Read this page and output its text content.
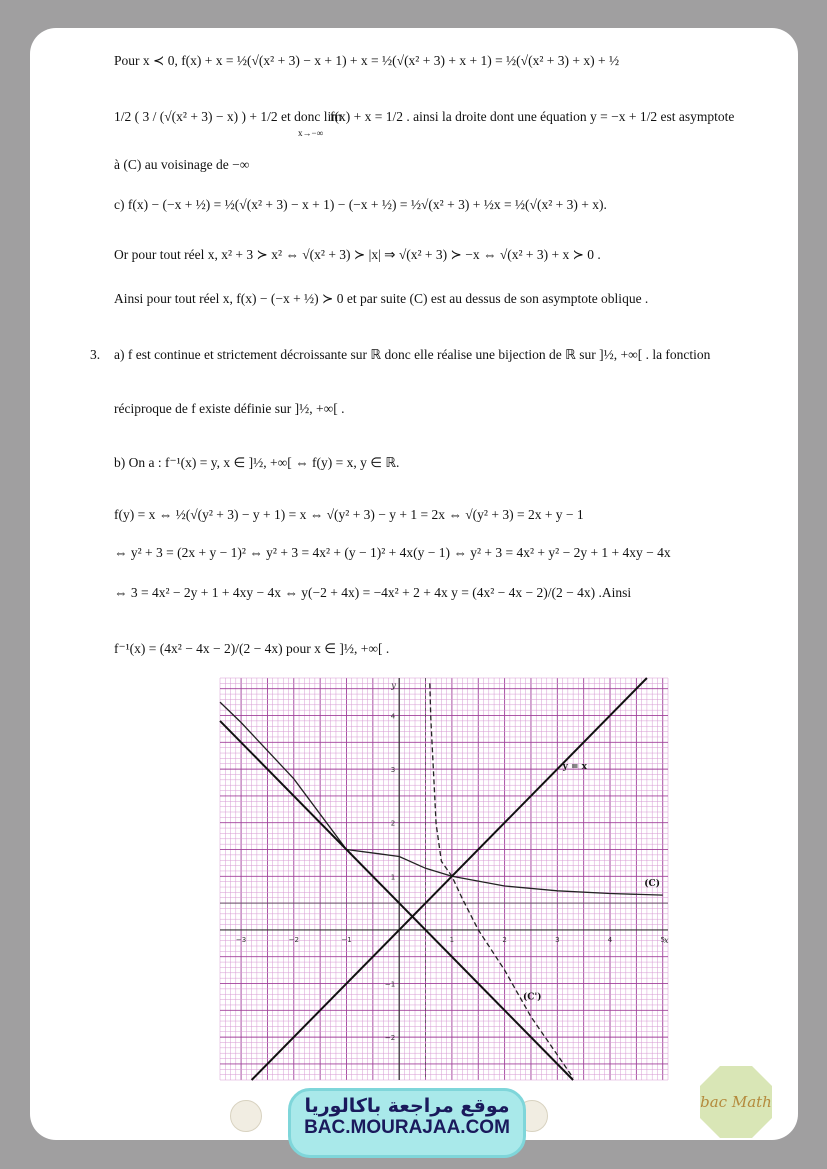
Pour x ≺ 0, f(x) + x = ½(√(x² + 3) − x + 1) + x = ½(√(x² + 3) + x + 1) = ½(√(x² + 3) + x) + ½
1/2 ( 3 / (√(x² + 3) − x) ) + 1/2 et donc lim
f(x) + x = 1/2 . ainsi la droite dont une équation y = −x + 1/2 est asymptote
x→−∞
à (C) au voisinage de −∞
c) f(x) − (−x + ½) = ½(√(x² + 3) − x + 1) − (−x + ½) = ½√(x² + 3) + ½x = ½(√(x² + 3) + x).
Or pour tout réel x, x² + 3 ≻ x² ⇔ √(x² + 3) ≻ |x| ⇒ √(x² + 3) ≻ −x ⇔ √(x² + 3) + x ≻ 0 .
Ainsi pour tout réel x, f(x) − (−x + ½) ≻ 0 et par suite (C) est au dessus de son asymptote oblique .
3. a) f est continue et strictement décroissante sur ℝ donc elle réalise une bijection de ℝ sur ]½, +∞[ . la fonction
réciproque de f existe définie sur ]½, +∞[ .
b) On a : f⁻¹(x) = y, x ∈ ]½, +∞[ ⇔ f(y) = x, y ∈ ℝ.
f(y) = x ⇔ ½(√(y² + 3) − y + 1) = x ⇔ √(y² + 3) − y + 1 = 2x ⇔ √(y² + 3) = 2x + y − 1
⇔ y² + 3 = (2x + y − 1)² ⇔ y² + 3 = 4x² + (y − 1)² + 4x(y − 1) ⇔ y² + 3 = 4x² + y² − 2y + 1 + 4xy − 4x
⇔ 3 = 4x² − 2y + 1 + 4xy − 4x ⇔ y(−2 + 4x) = −4x² + 2 + 4x y = (4x² − 4x − 2)/(2 − 4x) .Ainsi
f⁻¹(x) = (4x² − 4x − 2)/(2 − 4x) pour x ∈ ]½, +∞[ .
−3	−2	−1	1	2	3	4	5
−2
−1
1
2
3
4
x
y
y = x
(C)
(C')
موقع مراجعة باكالوريا
BAC.MOURAJAA.COM
bac Math
